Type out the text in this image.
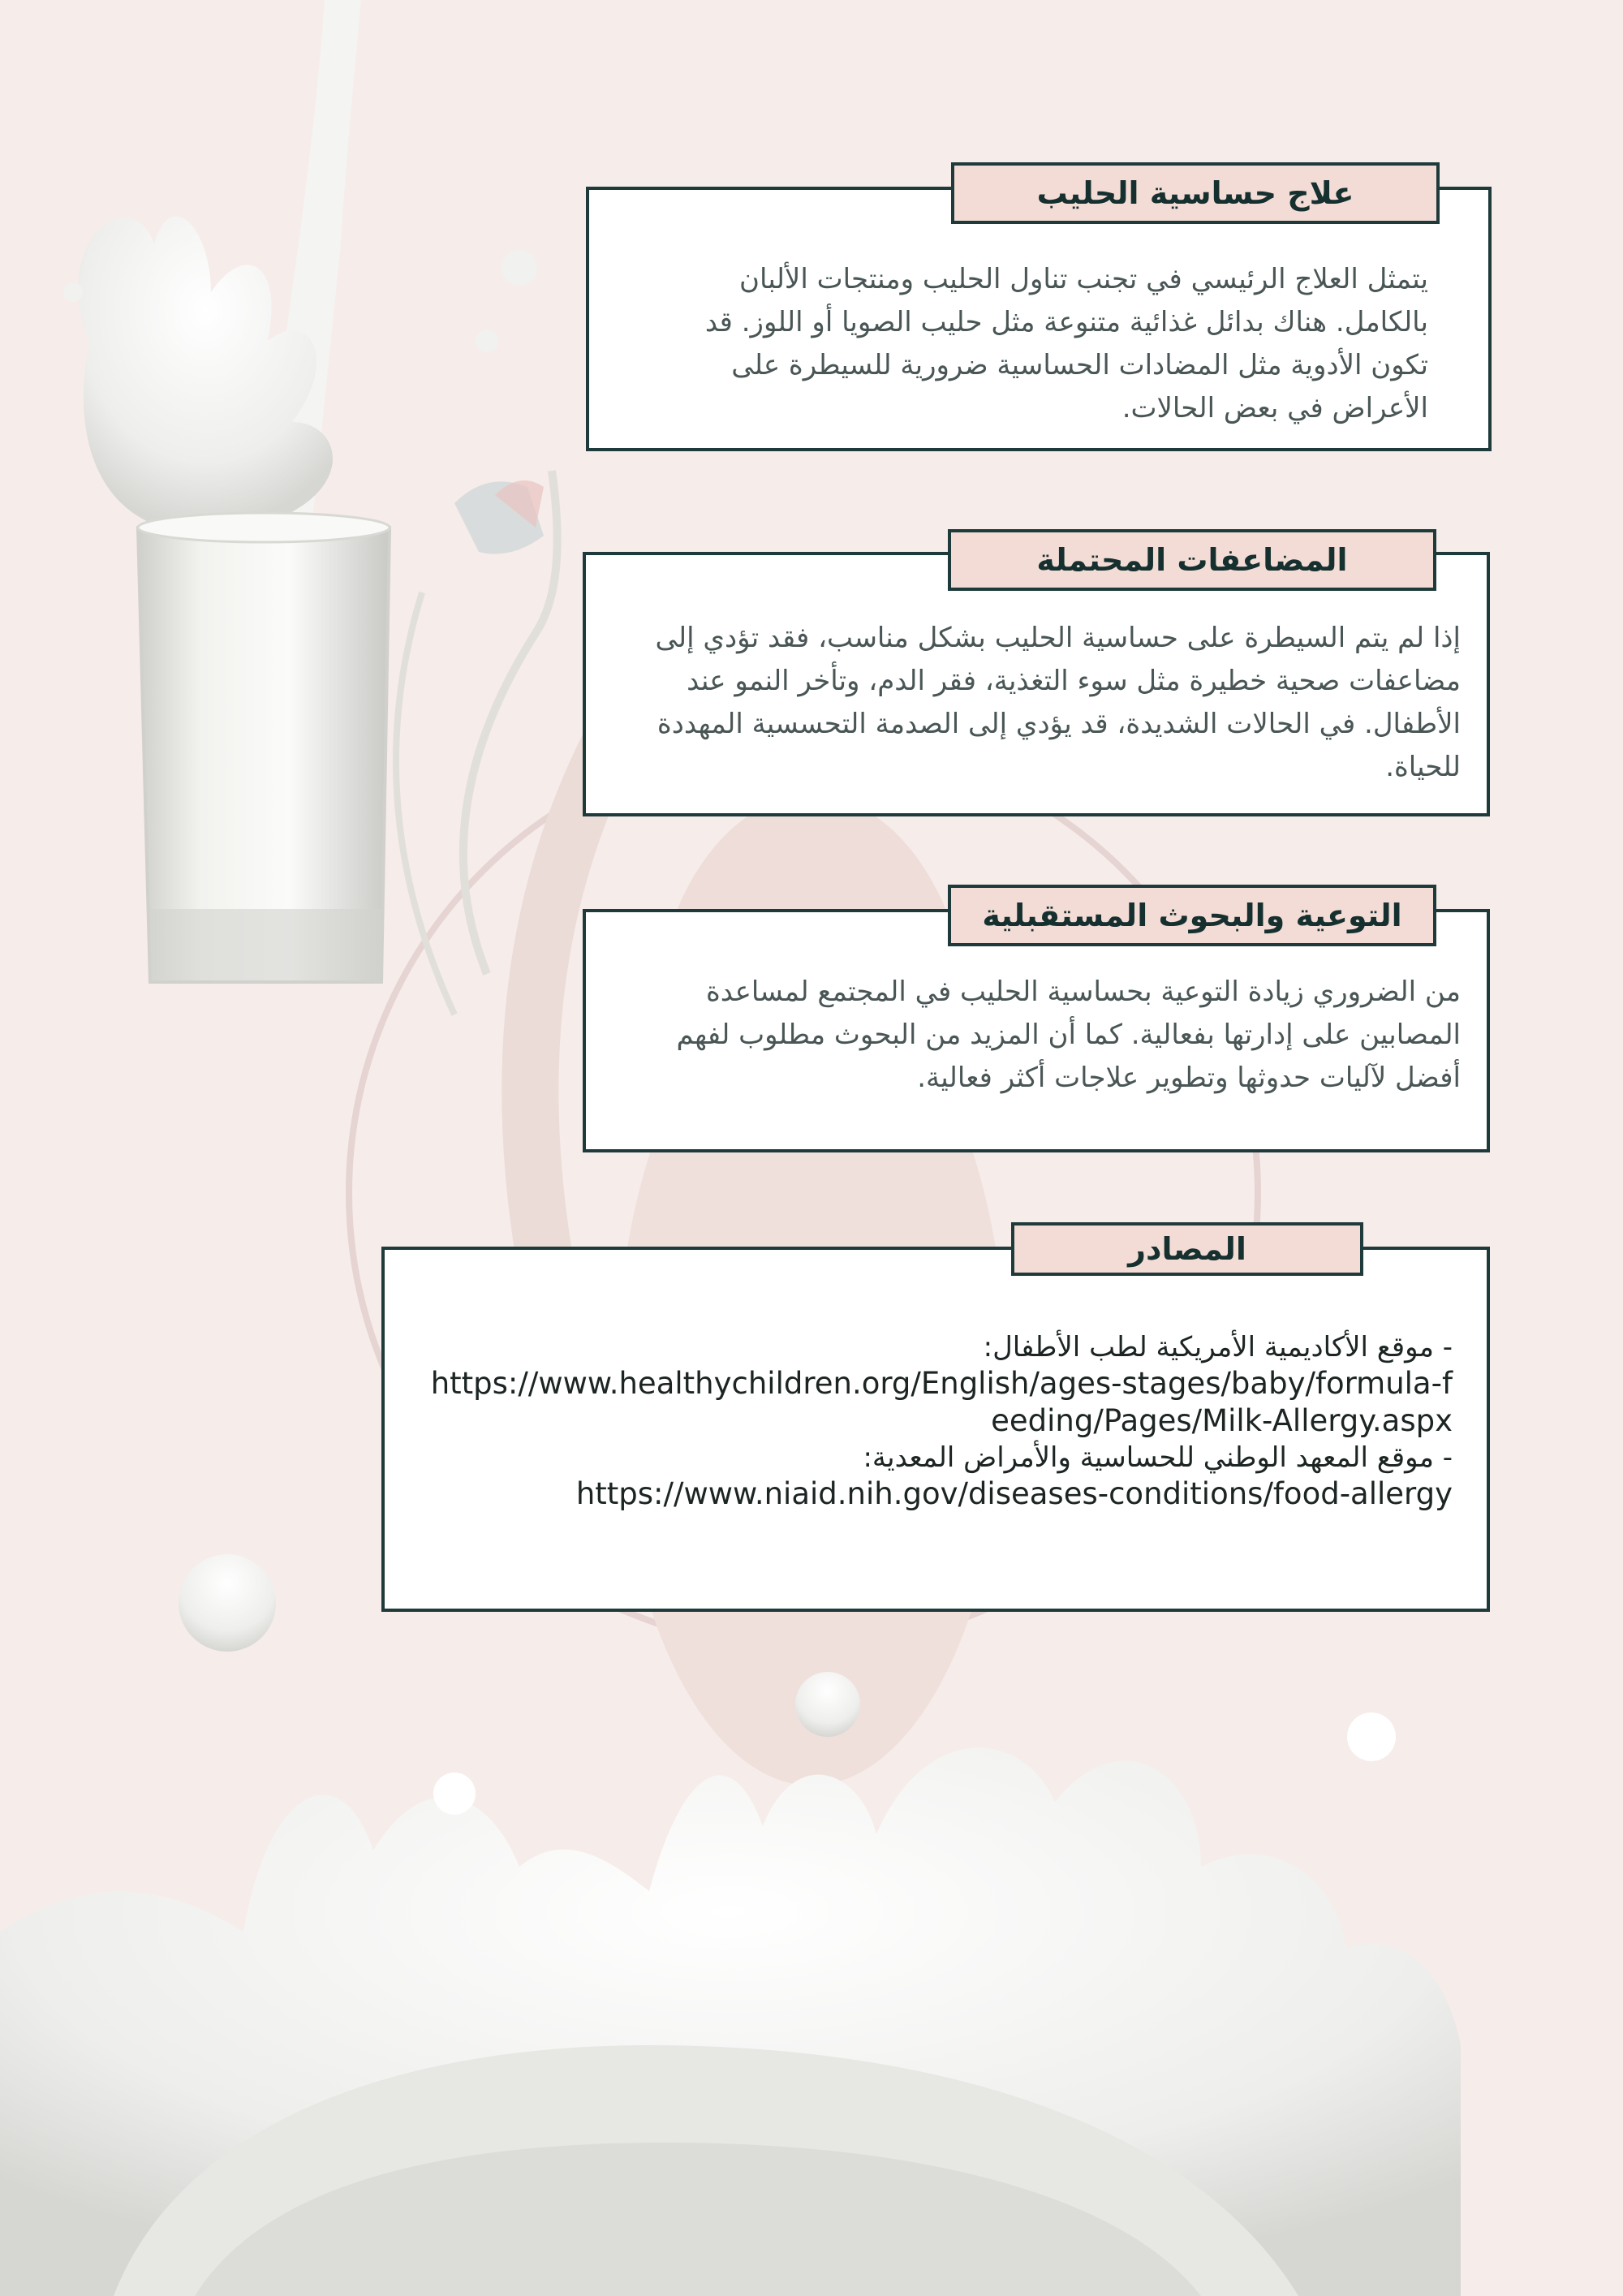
علاج حساسية الحليب
يتمثل العلاج الرئيسي في تجنب تناول الحليب ومنتجات الألبان بالكامل. هناك بدائل غذائية متنوعة مثل حليب الصويا أو اللوز. قد تكون الأدوية مثل المضادات الحساسية ضرورية للسيطرة على الأعراض في بعض الحالات.
المضاعفات المحتملة
إذا لم يتم السيطرة على حساسية الحليب بشكل مناسب، فقد تؤدي إلى مضاعفات صحية خطيرة مثل سوء التغذية، فقر الدم، وتأخر النمو عند الأطفال. في الحالات الشديدة، قد يؤدي إلى الصدمة التحسسية المهددة للحياة.
التوعية والبحوث المستقبلية
من الضروري زيادة التوعية بحساسية الحليب في المجتمع لمساعدة المصابين على إدارتها بفعالية. كما أن المزيد من البحوث مطلوب لفهم أفضل لآليات حدوثها وتطوير علاجات أكثر فعالية.
المصادر
- موقع الأكاديمية الأمريكية لطب الأطفال:
https://www.healthychildren.org/English/ages-stages/baby/formula-feeding/Pages/Milk-Allergy.aspx
- موقع المعهد الوطني للحساسية والأمراض المعدية:
https://www.niaid.nih.gov/diseases-conditions/food-allergy
